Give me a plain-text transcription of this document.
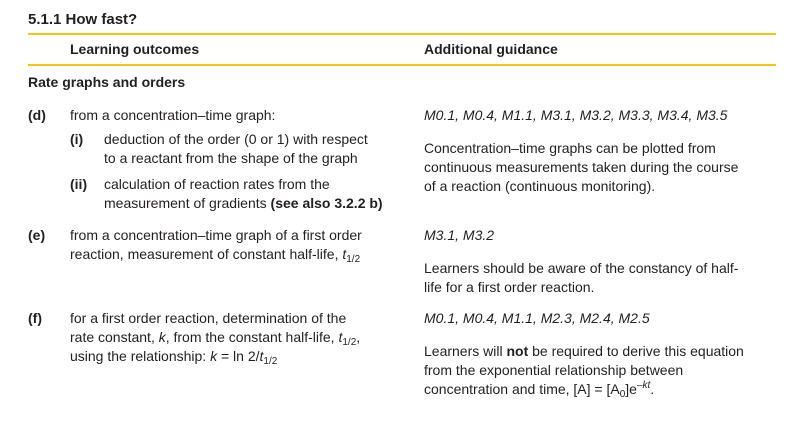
5.1.1 How fast?
Learning outcomes	Additional guidance
Rate graphs and orders
(d) from a concentration–time graph:	M0.1, M0.4, M1.1, M3.1, M3.2, M3.3, M3.4, M3.5
(i) deduction of the order (0 or 1) with respect
to a reactant from the shape of the graph
(ii) calculation of reaction rates from the
measurement of gradients (see also 3.2.2 b)
Concentration–time graphs can be plotted from
continuous measurements taken during the course
of a reaction (continuous monitoring).
(e) from a concentration–time graph of a first order
reaction, measurement of constant half-life, $t_{1/2}$
M3.1, M3.2
Learners should be aware of the constancy of half-
life for a first order reaction.
(f) for a first order reaction, determination of the
rate constant, k, from the constant half-life, $t_{1/2}$,
using the relationship: $k = \ln 2/t_{1/2}$
M0.1, M0.4, M1.1, M2.3, M2.4, M2.5
Learners will not be required to derive this equation
from the exponential relationship between
concentration and time, $[A] = [A_0]e^{-kt}$.
